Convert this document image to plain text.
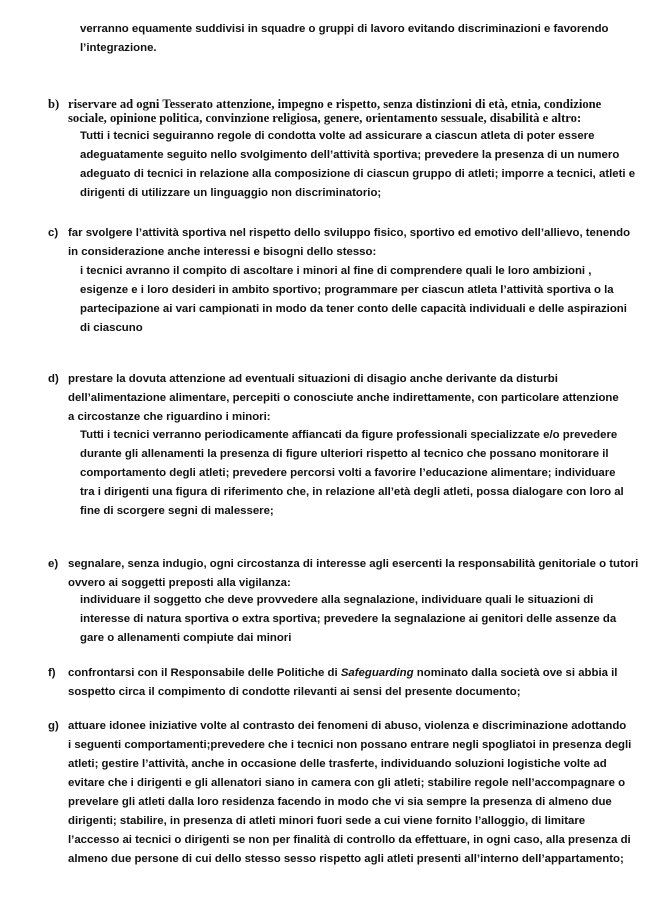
verranno equamente suddivisi in squadre o gruppi di lavoro evitando discriminazioni e favorendo
l’integrazione.
b) riservare ad ogni Tesserato attenzione, impegno e rispetto, senza distinzioni di età, etnia, condizione
sociale, opinione politica, convinzione religiosa, genere, orientamento sessuale, disabilità e altro:
Tutti i tecnici seguiranno regole di condotta volte ad assicurare a ciascun atleta di poter essere
adeguatamente seguito nello svolgimento dell’attività sportiva; prevedere la presenza di un numero
adeguato di tecnici in relazione alla composizione di ciascun gruppo di atleti; imporre a tecnici, atleti e
dirigenti di utilizzare un linguaggio non discriminatorio;
c) far svolgere l’attività sportiva nel rispetto dello sviluppo fisico, sportivo ed emotivo dell’allievo, tenendo
in considerazione anche interessi e bisogni dello stesso:
i tecnici avranno il compito di ascoltare i minori al fine di comprendere quali le loro ambizioni ,
esigenze e i loro desideri in ambito sportivo; programmare per ciascun atleta l’attività sportiva o la
partecipazione ai vari campionati in modo da tener conto delle capacità individuali e delle aspirazioni
di ciascuno
d) prestare la dovuta attenzione ad eventuali situazioni di disagio anche derivante da disturbi
dell’alimentazione alimentare, percepiti o conosciute anche indirettamente, con particolare attenzione
a circostanze che riguardino i minori:
Tutti i tecnici verranno periodicamente affiancati da figure professionali specializzate e/o prevedere
durante gli allenamenti la presenza di figure ulteriori rispetto al tecnico che possano monitorare il
comportamento degli atleti; prevedere percorsi volti a favorire l’educazione alimentare; individuare
tra i dirigenti una figura di riferimento che, in relazione all’età degli atleti, possa dialogare con loro al
fine di scorgere segni di malessere;
e) segnalare, senza indugio, ogni circostanza di interesse agli esercenti la responsabilità genitoriale o tutori
ovvero ai soggetti preposti alla vigilanza:
individuare il soggetto che deve provvedere alla segnalazione, individuare quali le situazioni di
interesse di natura sportiva o extra sportiva; prevedere la segnalazione ai genitori delle assenze da
gare o allenamenti compiute dai minori
f) confrontarsi con il Responsabile delle Politiche di Safeguarding nominato dalla società ove si abbia il
sospetto circa il compimento di condotte rilevanti ai sensi del presente documento;
g) attuare idonee iniziative volte al contrasto dei fenomeni di abuso, violenza e discriminazione adottando
i seguenti comportamenti;prevedere che i tecnici non possano entrare negli spogliatoi in presenza degli
atleti; gestire l’attività, anche in occasione delle trasferte, individuando soluzioni logistiche volte ad
evitare che i dirigenti e gli allenatori siano in camera con gli atleti; stabilire regole nell’accompagnare o
prevelare gli atleti dalla loro residenza facendo in modo che vi sia sempre la presenza di almeno due
dirigenti; stabilire, in presenza di atleti minori fuori sede a cui viene fornito l’alloggio, di limitare
l’accesso ai tecnici o dirigenti se non per finalità di controllo da effettuare, in ogni caso, alla presenza di
almeno due persone di cui dello stesso sesso rispetto agli atleti presenti all’interno dell’appartamento;
